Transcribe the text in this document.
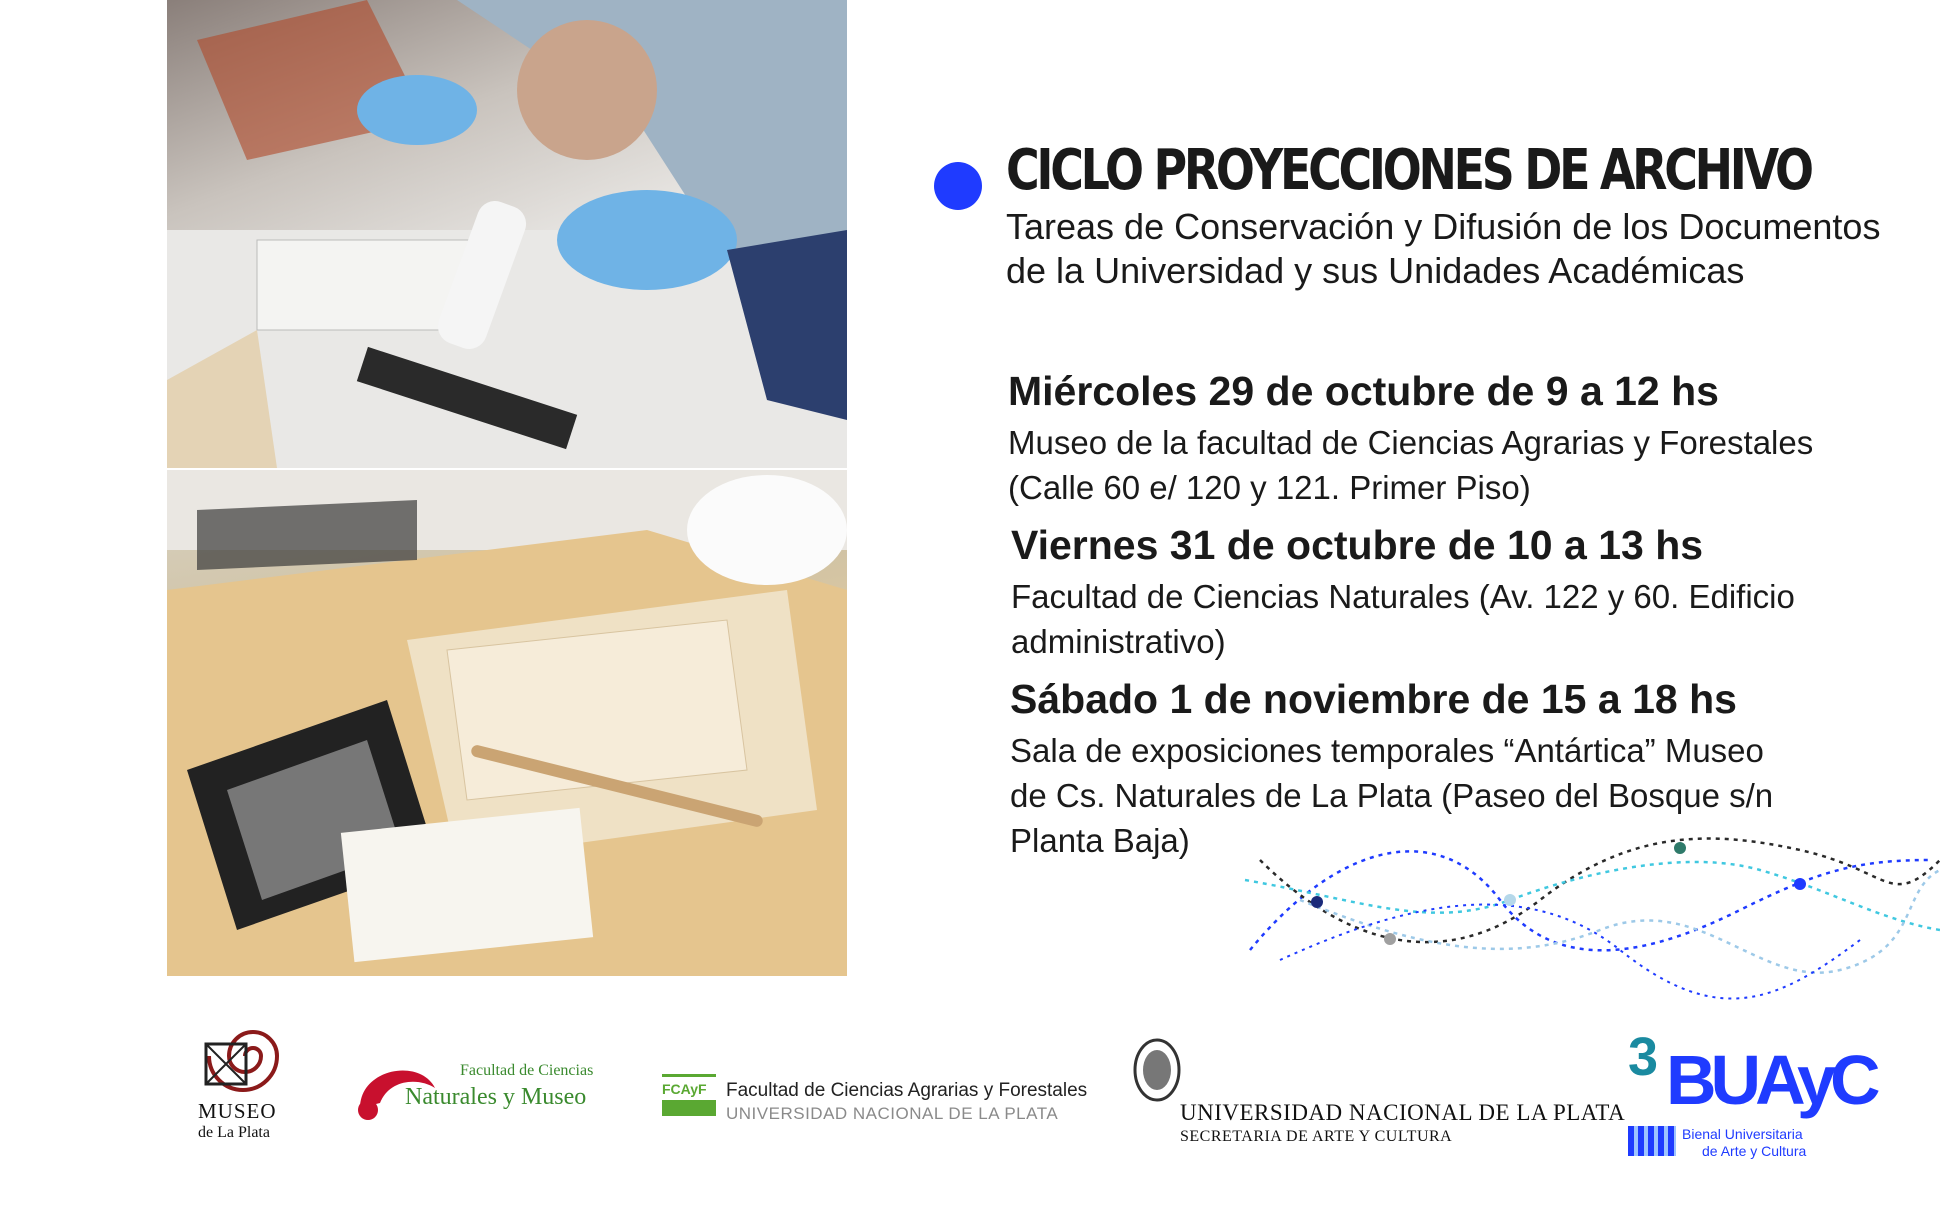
CICLO PROYECCIONES DE ARCHIVO
Tareas de Conservación y Difusión de los Documentos
de la Universidad y sus Unidades Académicas
Miércoles 29 de octubre de 9 a 12 hs
Museo de la facultad de Ciencias Agrarias y Forestales
(Calle 60 e/ 120 y 121. Primer Piso)
Viernes 31 de octubre de 10 a 13 hs
Facultad de Ciencias Naturales (Av. 122 y 60. Edificio
administrativo)
Sábado 1 de noviembre de 15 a 18 hs
Sala de exposiciones temporales “Antártica” Museo
de Cs. Naturales de La Plata (Paseo del Bosque s/n
Planta Baja)
MUSEO
de La Plata
Facultad de Ciencias
Naturales y Museo	FCAyF	Facultad de Ciencias Agrarias y Forestales
UNIVERSIDAD NACIONAL DE LA PLATA	UNIVERSIDAD NACIONAL DE LA PLATA
SECRETARIA DE ARTE Y CULTURA
3 BUAyC
Bienal Universitaria
de Arte y Cultura
